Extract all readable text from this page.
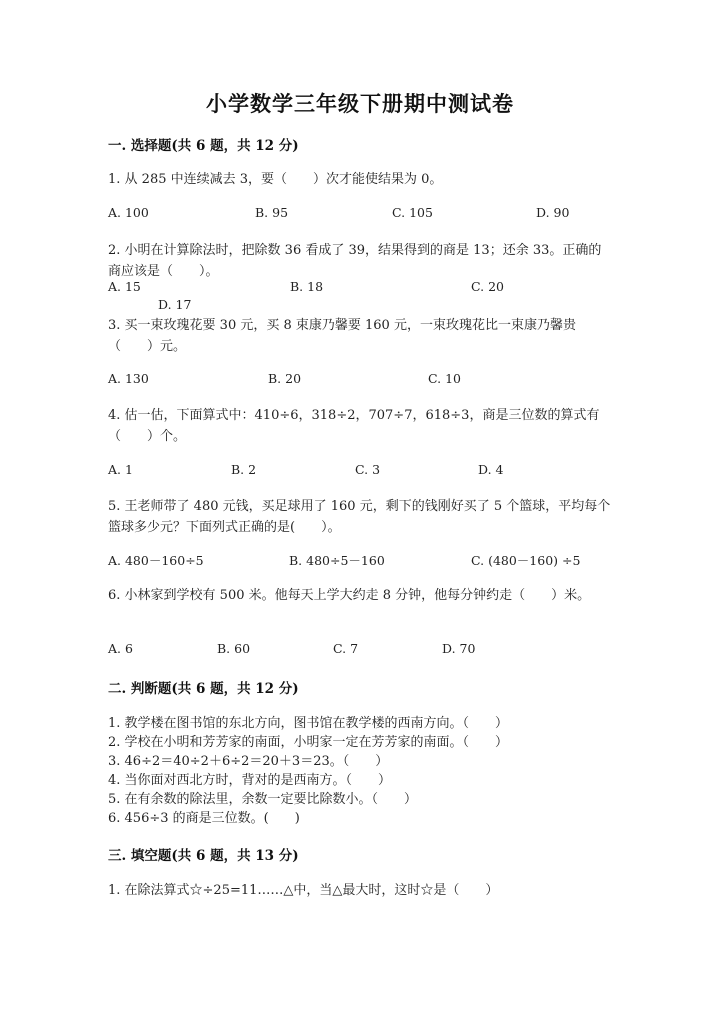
小学数学三年级下册期中测试卷
一. 选择题(共 6 题，共 12 分)
1. 从 285 中连续减去 3，要（　　）次才能使结果为 0。
A. 100	B. 95	C. 105	D. 90
2. 小明在计算除法时，把除数 36 看成了 39，结果得到的商是 13；还余 33。正确的商应该是（　　）。
A. 15	B. 18	C. 20
D. 17
3. 买一束玫瑰花要 30 元，买 8 束康乃馨要 160 元，一束玫瑰花比一束康乃馨贵（　　）元。
A. 130	B. 20	C. 10
4. 估一估，下面算式中：410÷6，318÷2，707÷7，618÷3，商是三位数的算式有（　　）个。
A. 1	B. 2	C. 3	D. 4
5. 王老师带了 480 元钱，买足球用了 160 元，剩下的钱刚好买了 5 个篮球，平均每个篮球多少元？下面列式正确的是(　　）。
A. 480－160÷5	B. 480÷5－160	C. (480－160) ÷5
6. 小林家到学校有 500 米。他每天上学大约走 8 分钟，他每分钟约走（　　）米。
A. 6	B. 60	C. 7	D. 70
二. 判断题(共 6 题，共 12 分)
1. 教学楼在图书馆的东北方向，图书馆在教学楼的西南方向。（　　）
2. 学校在小明和芳芳家的南面，小明家一定在芳芳家的南面。（　　）
3. 46÷2＝40÷2＋6÷2＝20＋3＝23。（　　）
4. 当你面对西北方时，背对的是西南方。（　　）
5. 在有余数的除法里，余数一定要比除数小。（　　）
6. 456÷3 的商是三位数。(　　)
三. 填空题(共 6 题，共 13 分)
1. 在除法算式☆÷25=11……△中，当△最大时，这时☆是（　　）
